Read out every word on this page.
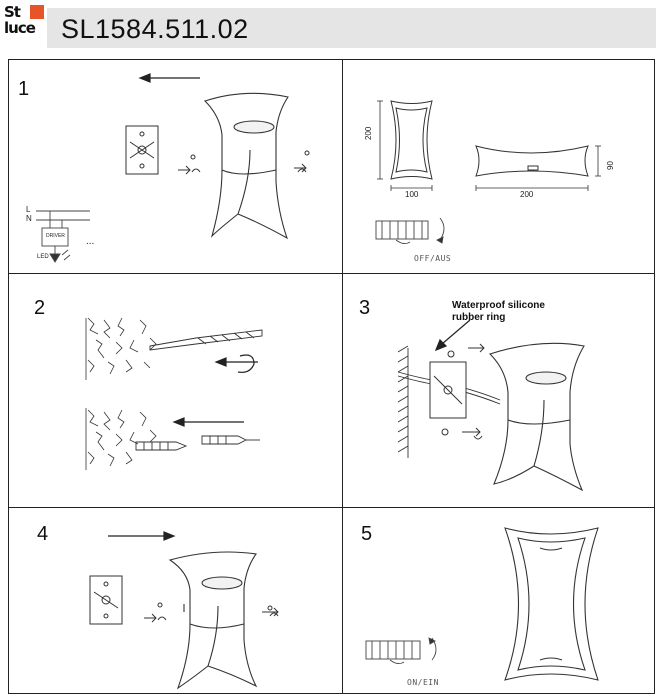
St
luce SL1584.511.02
1
2	3
4	5
L
N
DRIVER
LED
...
200
100	200
90
OFF/AUS
Waterproof silicone
rubber ring
ON/EIN
